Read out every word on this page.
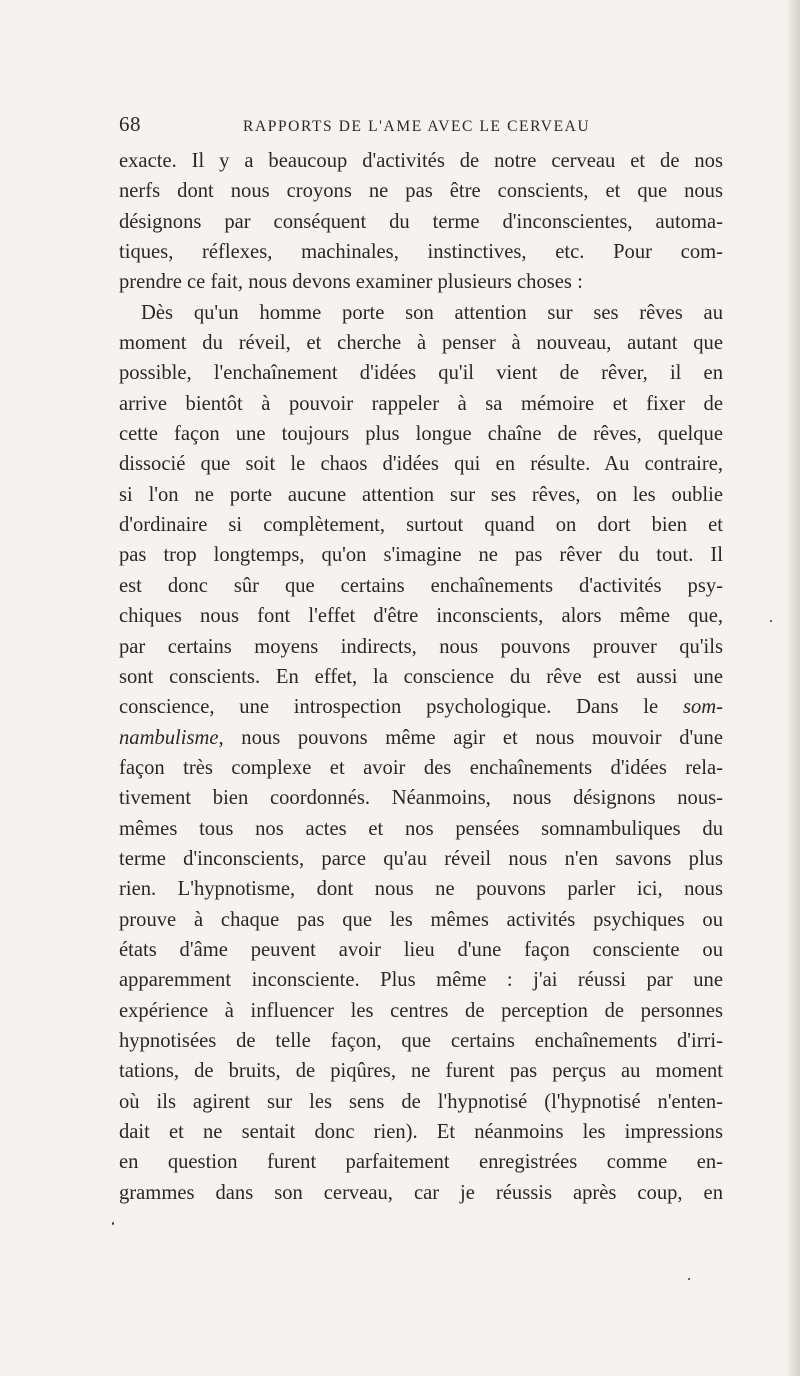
68	RAPPORTS DE L'AME AVEC LE CERVEAU
exacte. Il y a beaucoup d'activités de notre cerveau et de nos
nerfs dont nous croyons ne pas être conscients, et que nous
désignons par conséquent du terme d'inconscientes, automa-
tiques, réflexes, machinales, instinctives, etc. Pour com-
prendre ce fait, nous devons examiner plusieurs choses :
Dès qu'un homme porte son attention sur ses rêves au
moment du réveil, et cherche à penser à nouveau, autant que
possible, l'enchaînement d'idées qu'il vient de rêver, il en
arrive bientôt à pouvoir rappeler à sa mémoire et fixer de
cette façon une toujours plus longue chaîne de rêves, quelque
dissocié que soit le chaos d'idées qui en résulte. Au contraire,
si l'on ne porte aucune attention sur ses rêves, on les oublie
d'ordinaire si complètement, surtout quand on dort bien et
pas trop longtemps, qu'on s'imagine ne pas rêver du tout. Il
est donc sûr que certains enchaînements d'activités psy-
chiques nous font l'effet d'être inconscients, alors même que,
par certains moyens indirects, nous pouvons prouver qu'ils
sont conscients. En effet, la conscience du rêve est aussi une
conscience, une introspection psychologique. Dans le som-
nambulisme, nous pouvons même agir et nous mouvoir d'une
façon très complexe et avoir des enchaînements d'idées rela-
tivement bien coordonnés. Néanmoins, nous désignons nous-
mêmes tous nos actes et nos pensées somnambuliques du
terme d'inconscients, parce qu'au réveil nous n'en savons plus
rien. L'hypnotisme, dont nous ne pouvons parler ici, nous
prouve à chaque pas que les mêmes activités psychiques ou
états d'âme peuvent avoir lieu d'une façon consciente ou
apparemment inconsciente. Plus même : j'ai réussi par une
expérience à influencer les centres de perception de personnes
hypnotisées de telle façon, que certains enchaînements d'irri-
tations, de bruits, de piqûres, ne furent pas perçus au moment
où ils agirent sur les sens de l'hypnotisé (l'hypnotisé n'enten-
dait et ne sentait donc rien). Et néanmoins les impressions
en question furent parfaitement enregistrées comme en-
grammes dans son cerveau, car je réussis après coup, en
